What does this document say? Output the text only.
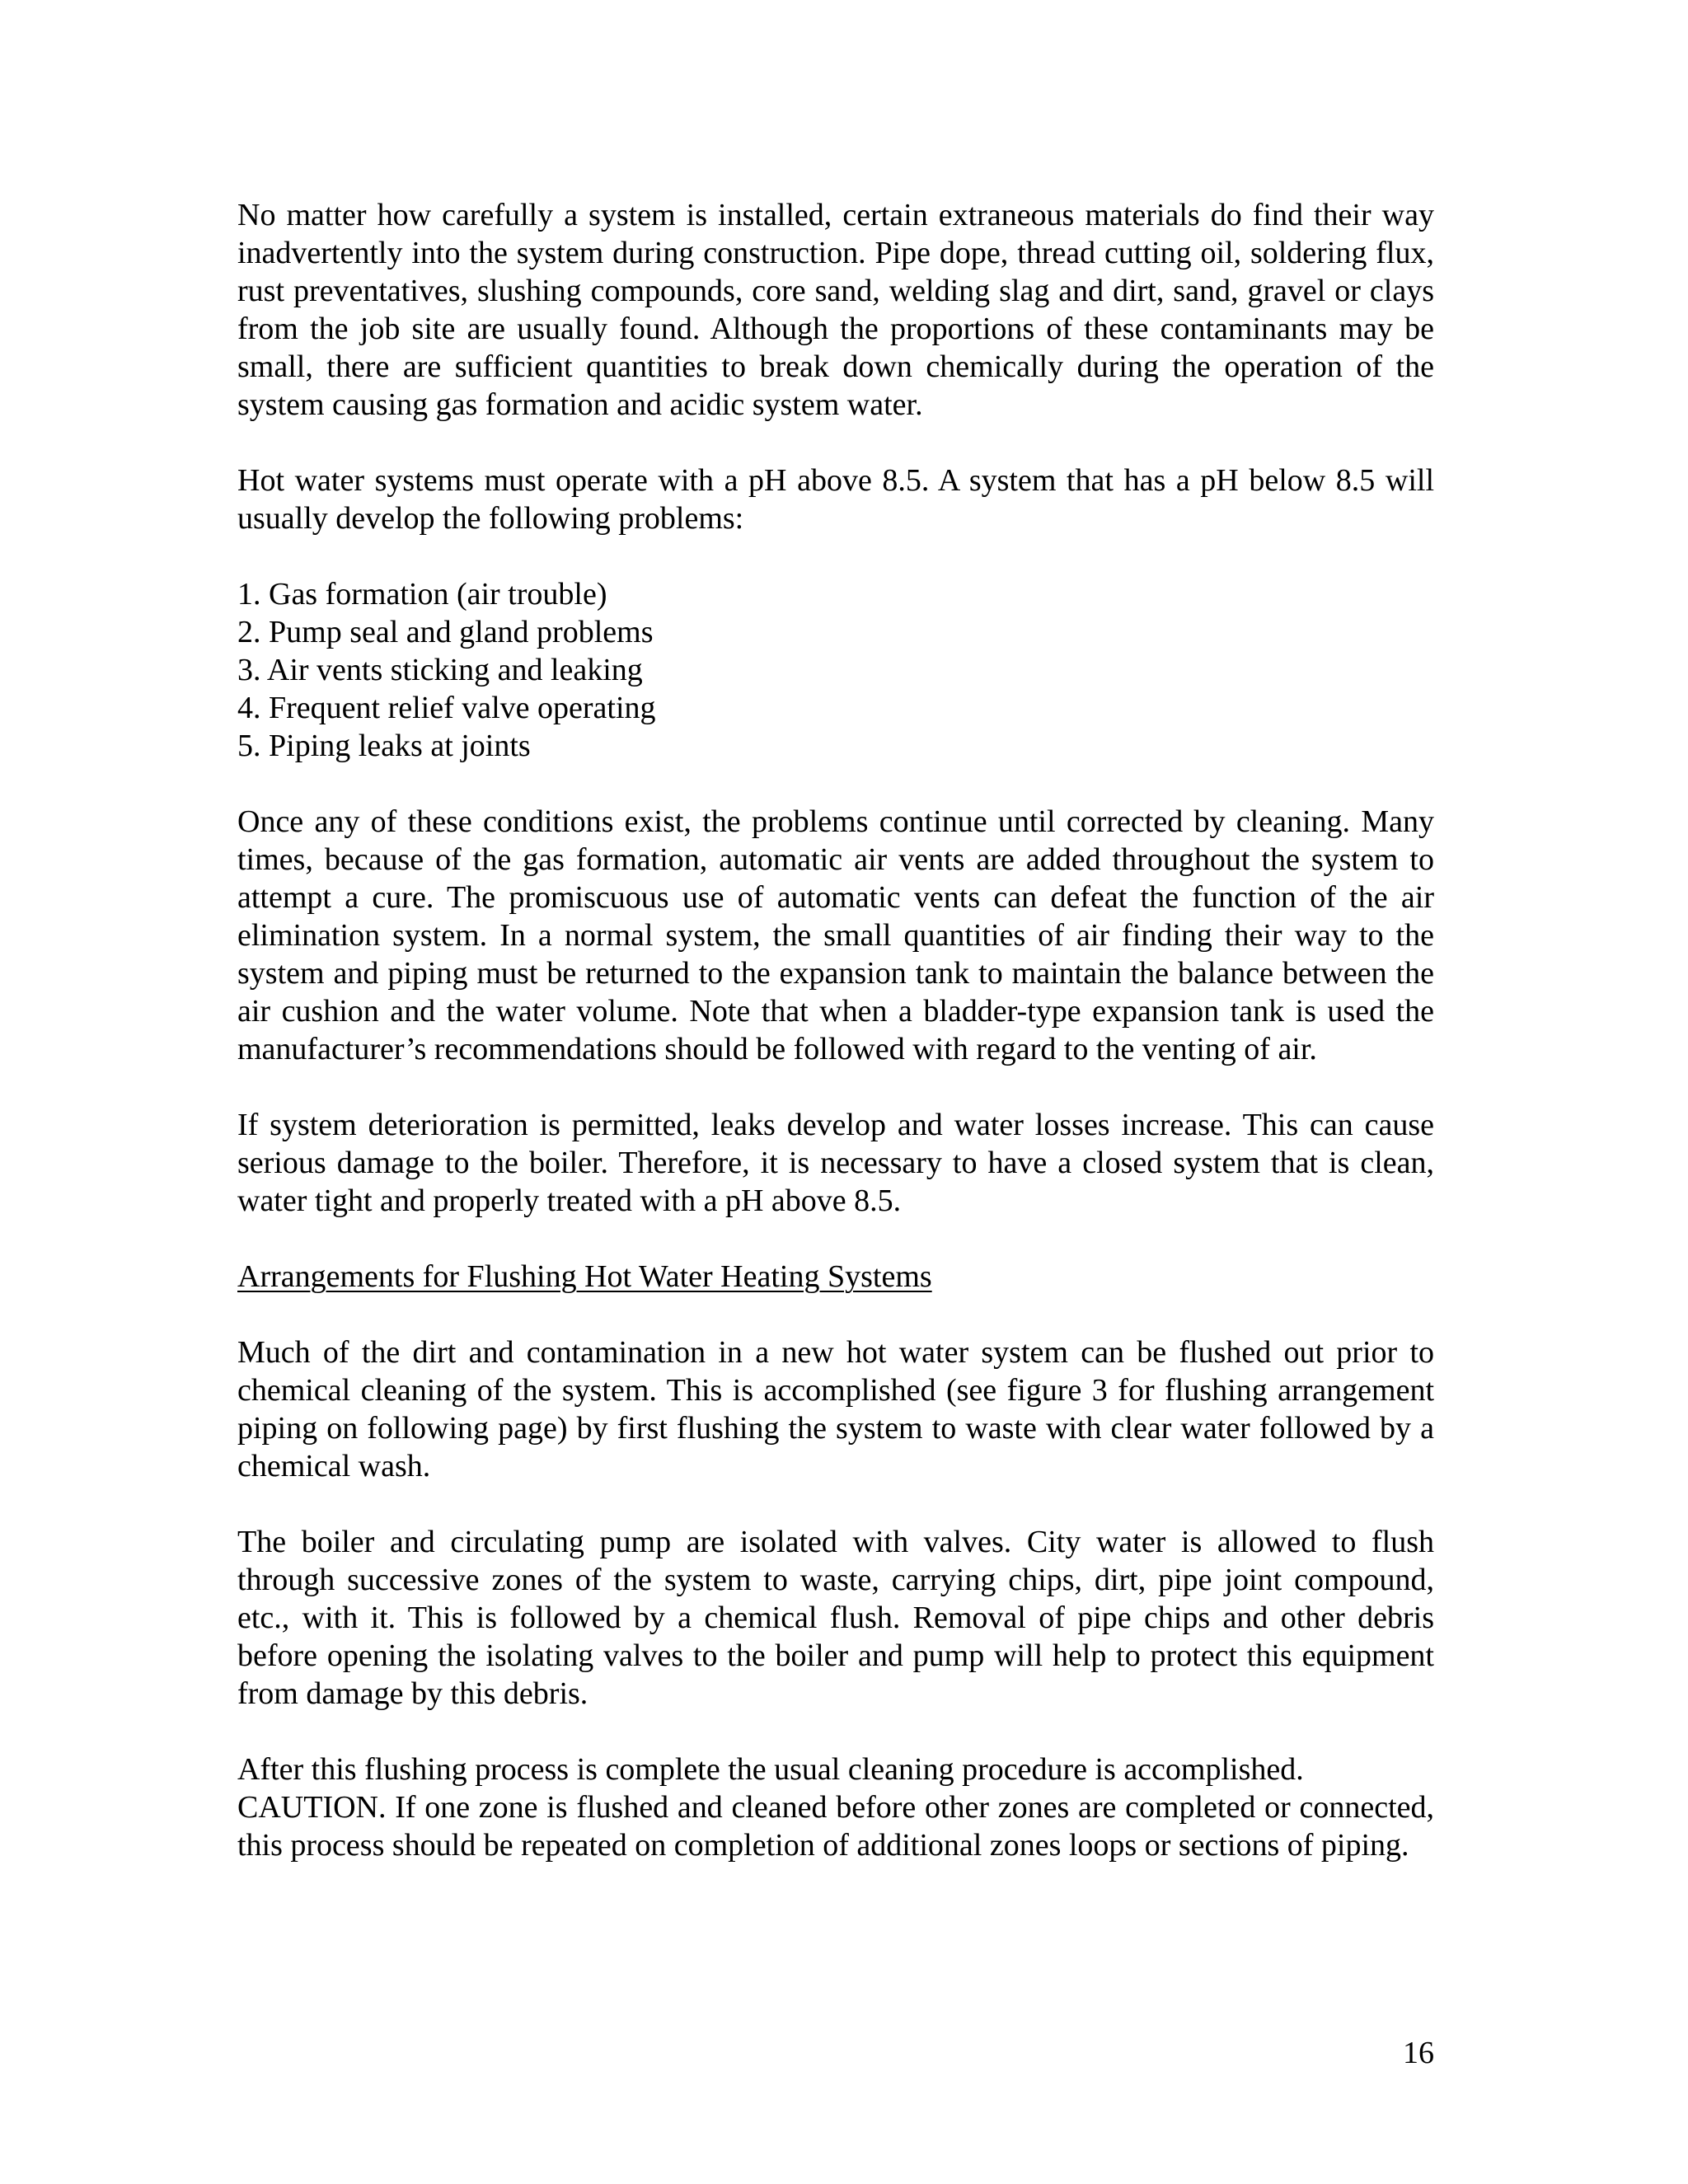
No matter how carefully a system is installed, certain extraneous materials do find their way inadvertently into the system during construction. Pipe dope, thread cutting oil, soldering flux, rust preventatives, slushing compounds, core sand, welding slag and dirt, sand, gravel or clays from the job site are usually found. Although the proportions of these contaminants may be small, there are sufficient quantities to break down chemically during the operation of the system causing gas formation and acidic system water.

Hot water systems must operate with a pH above 8.5. A system that has a pH below 8.5 will usually develop the following problems:

1. Gas formation (air trouble)
2. Pump seal and gland problems
3. Air vents sticking and leaking
4. Frequent relief valve operating
5. Piping leaks at joints

Once any of these conditions exist, the problems continue until corrected by cleaning. Many times, because of the gas formation, automatic air vents are added throughout the system to attempt a cure. The promiscuous use of automatic vents can defeat the function of the air elimination system. In a normal system, the small quantities of air finding their way to the system and piping must be returned to the expansion tank to maintain the balance between the air cushion and the water volume. Note that when a bladder-type expansion tank is used the manufacturer’s recommendations should be followed with regard to the venting of air.

If system deterioration is permitted, leaks develop and water losses increase. This can cause serious damage to the boiler. Therefore, it is necessary to have a closed system that is clean, water tight and properly treated with a pH above 8.5.

Arrangements for Flushing Hot Water Heating Systems

Much of the dirt and contamination in a new hot water system can be flushed out prior to chemical cleaning of the system. This is accomplished (see figure 3 for flushing arrangement piping on following page) by first flushing the system to waste with clear water followed by a chemical wash.

The boiler and circulating pump are isolated with valves. City water is allowed to flush through successive zones of the system to waste, carrying chips, dirt, pipe joint compound, etc., with it. This is followed by a chemical flush. Removal of pipe chips and other debris before opening the isolating valves to the boiler and pump will help to protect this equipment from damage by this debris.

After this flushing process is complete the usual cleaning procedure is accomplished.
CAUTION. If one zone is flushed and cleaned before other zones are completed or connected, this process should be repeated on completion of additional zones loops or sections of piping.

16
